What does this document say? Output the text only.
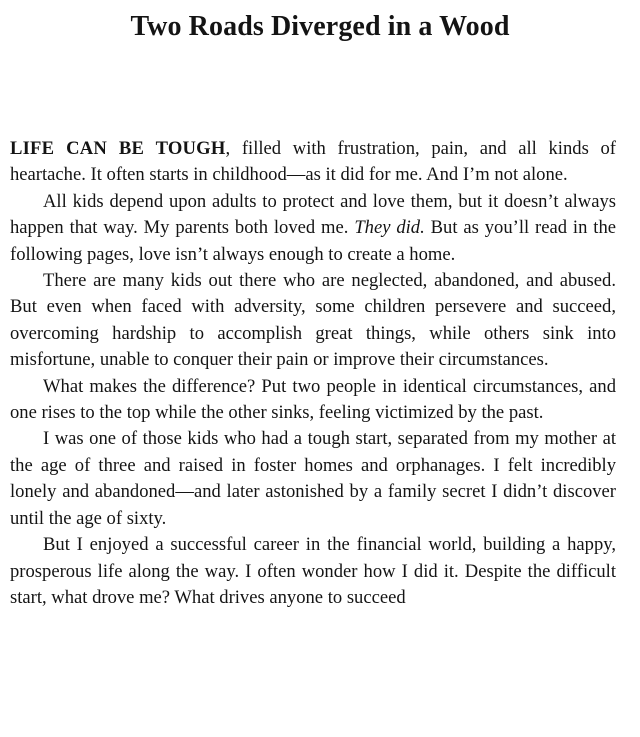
Two Roads Diverged in a Wood

LIFE CAN BE TOUGH, filled with frustration, pain, and all kinds of heartache. It often starts in childhood—as it did for me. And I’m not alone.

All kids depend upon adults to protect and love them, but it doesn’t always happen that way. My parents both loved me. They did. But as you’ll read in the following pages, love isn’t always enough to create a home.

There are many kids out there who are neglected, abandoned, and abused. But even when faced with adversity, some children persevere and succeed, overcoming hardship to accomplish great things, while others sink into misfortune, unable to conquer their pain or improve their circumstances.

What makes the difference? Put two people in identical circumstances, and one rises to the top while the other sinks, feeling victimized by the past.

I was one of those kids who had a tough start, separated from my mother at the age of three and raised in foster homes and orphanages. I felt incredibly lonely and abandoned—and later astonished by a family secret I didn’t discover until the age of sixty.

But I enjoyed a successful career in the financial world, building a happy, prosperous life along the way. I often wonder how I did it. Despite the difficult start, what drove me? What drives anyone to succeed
